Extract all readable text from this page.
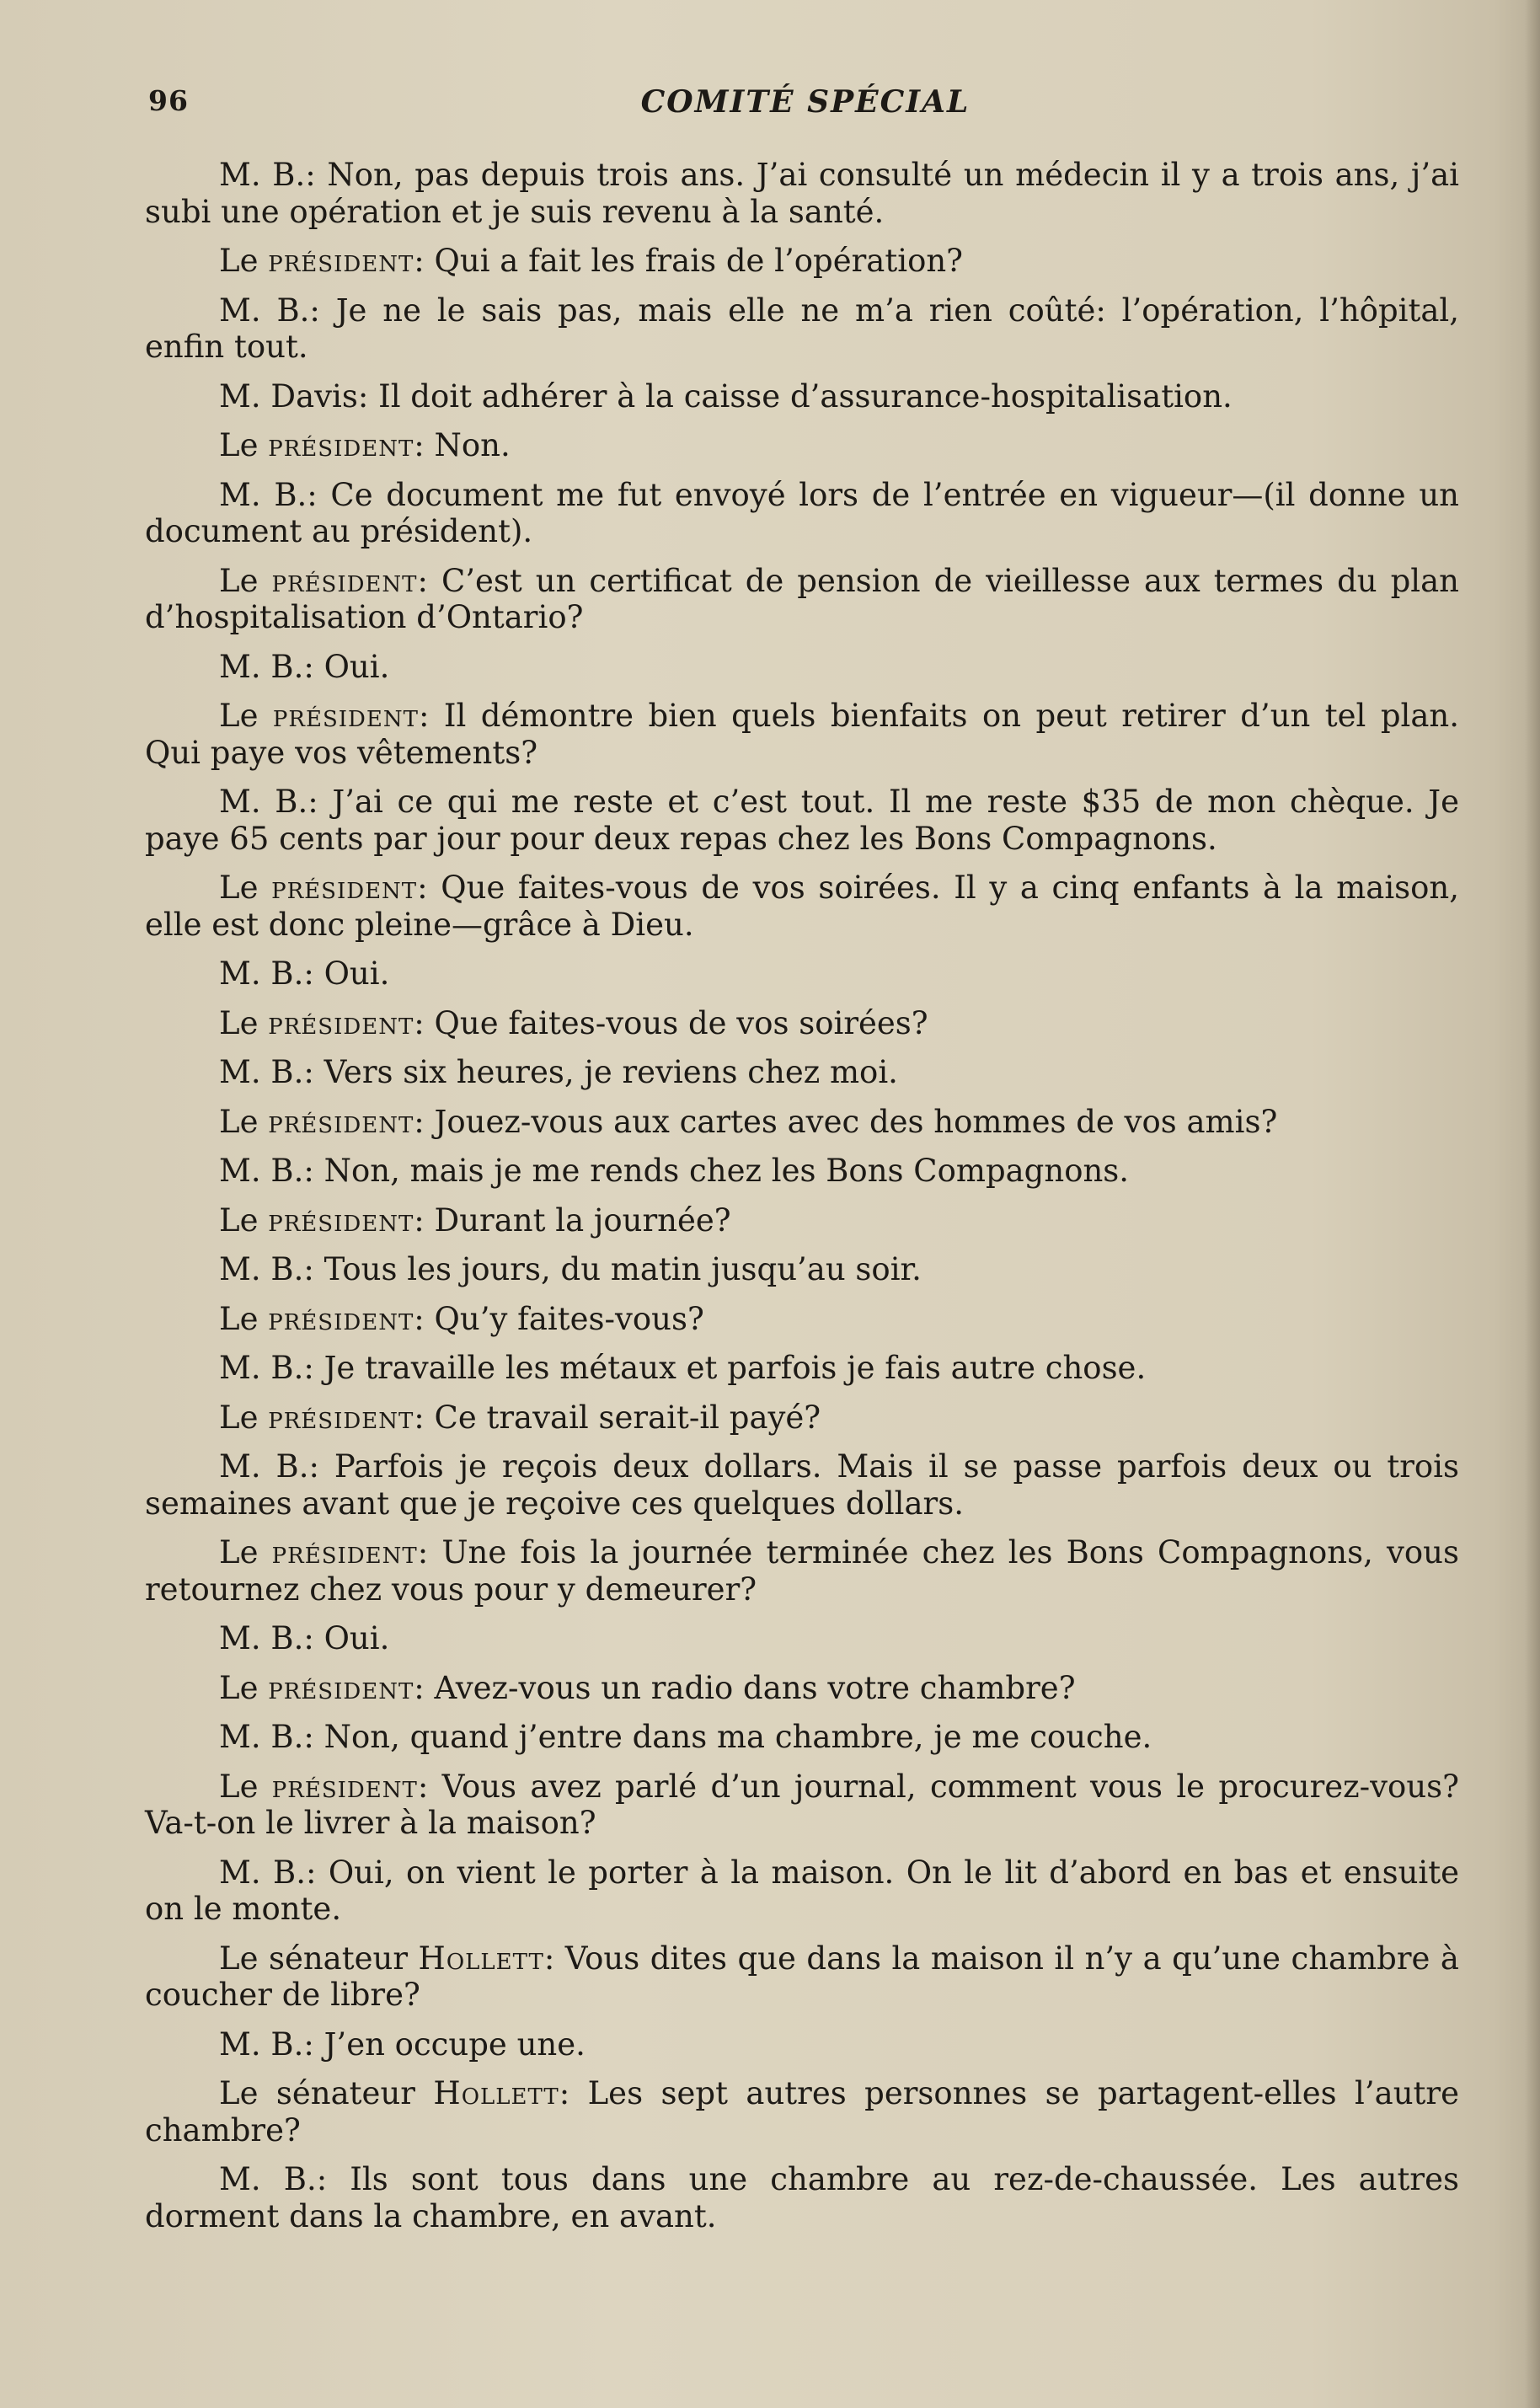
96	COMITÉ SPÉCIAL

M. B.: Non, pas depuis trois ans. J’ai consulté un médecin il y a trois ans, j’ai subi une opération et je suis revenu à la santé.

Le président: Qui a fait les frais de l’opération?

M. B.: Je ne le sais pas, mais elle ne m’a rien coûté: l’opération, l’hôpital, enfin tout.

M. Davis: Il doit adhérer à la caisse d’assurance-hospitalisation.

Le président: Non.

M. B.: Ce document me fut envoyé lors de l’entrée en vigueur—(il donne un document au président).

Le président: C’est un certificat de pension de vieillesse aux termes du plan d’hospitalisation d’Ontario?

M. B.: Oui.

Le président: Il démontre bien quels bienfaits on peut retirer d’un tel plan. Qui paye vos vêtements?

M. B.: J’ai ce qui me reste et c’est tout. Il me reste $35 de mon chèque. Je paye 65 cents par jour pour deux repas chez les Bons Compagnons.

Le président: Que faites-vous de vos soirées. Il y a cinq enfants à la maison, elle est donc pleine—grâce à Dieu.

M. B.: Oui.

Le président: Que faites-vous de vos soirées?

M. B.: Vers six heures, je reviens chez moi.

Le président: Jouez-vous aux cartes avec des hommes de vos amis?

M. B.: Non, mais je me rends chez les Bons Compagnons.

Le président: Durant la journée?

M. B.: Tous les jours, du matin jusqu’au soir.

Le président: Qu’y faites-vous?

M. B.: Je travaille les métaux et parfois je fais autre chose.

Le président: Ce travail serait-il payé?

M. B.: Parfois je reçois deux dollars. Mais il se passe parfois deux ou trois semaines avant que je reçoive ces quelques dollars.

Le président: Une fois la journée terminée chez les Bons Compagnons, vous retournez chez vous pour y demeurer?

M. B.: Oui.

Le président: Avez-vous un radio dans votre chambre?

M. B.: Non, quand j’entre dans ma chambre, je me couche.

Le président: Vous avez parlé d’un journal, comment vous le procurez-vous? Va-t-on le livrer à la maison?

M. B.: Oui, on vient le porter à la maison. On le lit d’abord en bas et ensuite on le monte.

Le sénateur Hollett: Vous dites que dans la maison il n’y a qu’une chambre à coucher de libre?

M. B.: J’en occupe une.

Le sénateur Hollett: Les sept autres personnes se partagent-elles l’autre chambre?

M. B.: Ils sont tous dans une chambre au rez-de-chaussée. Les autres dorment dans la chambre, en avant.
